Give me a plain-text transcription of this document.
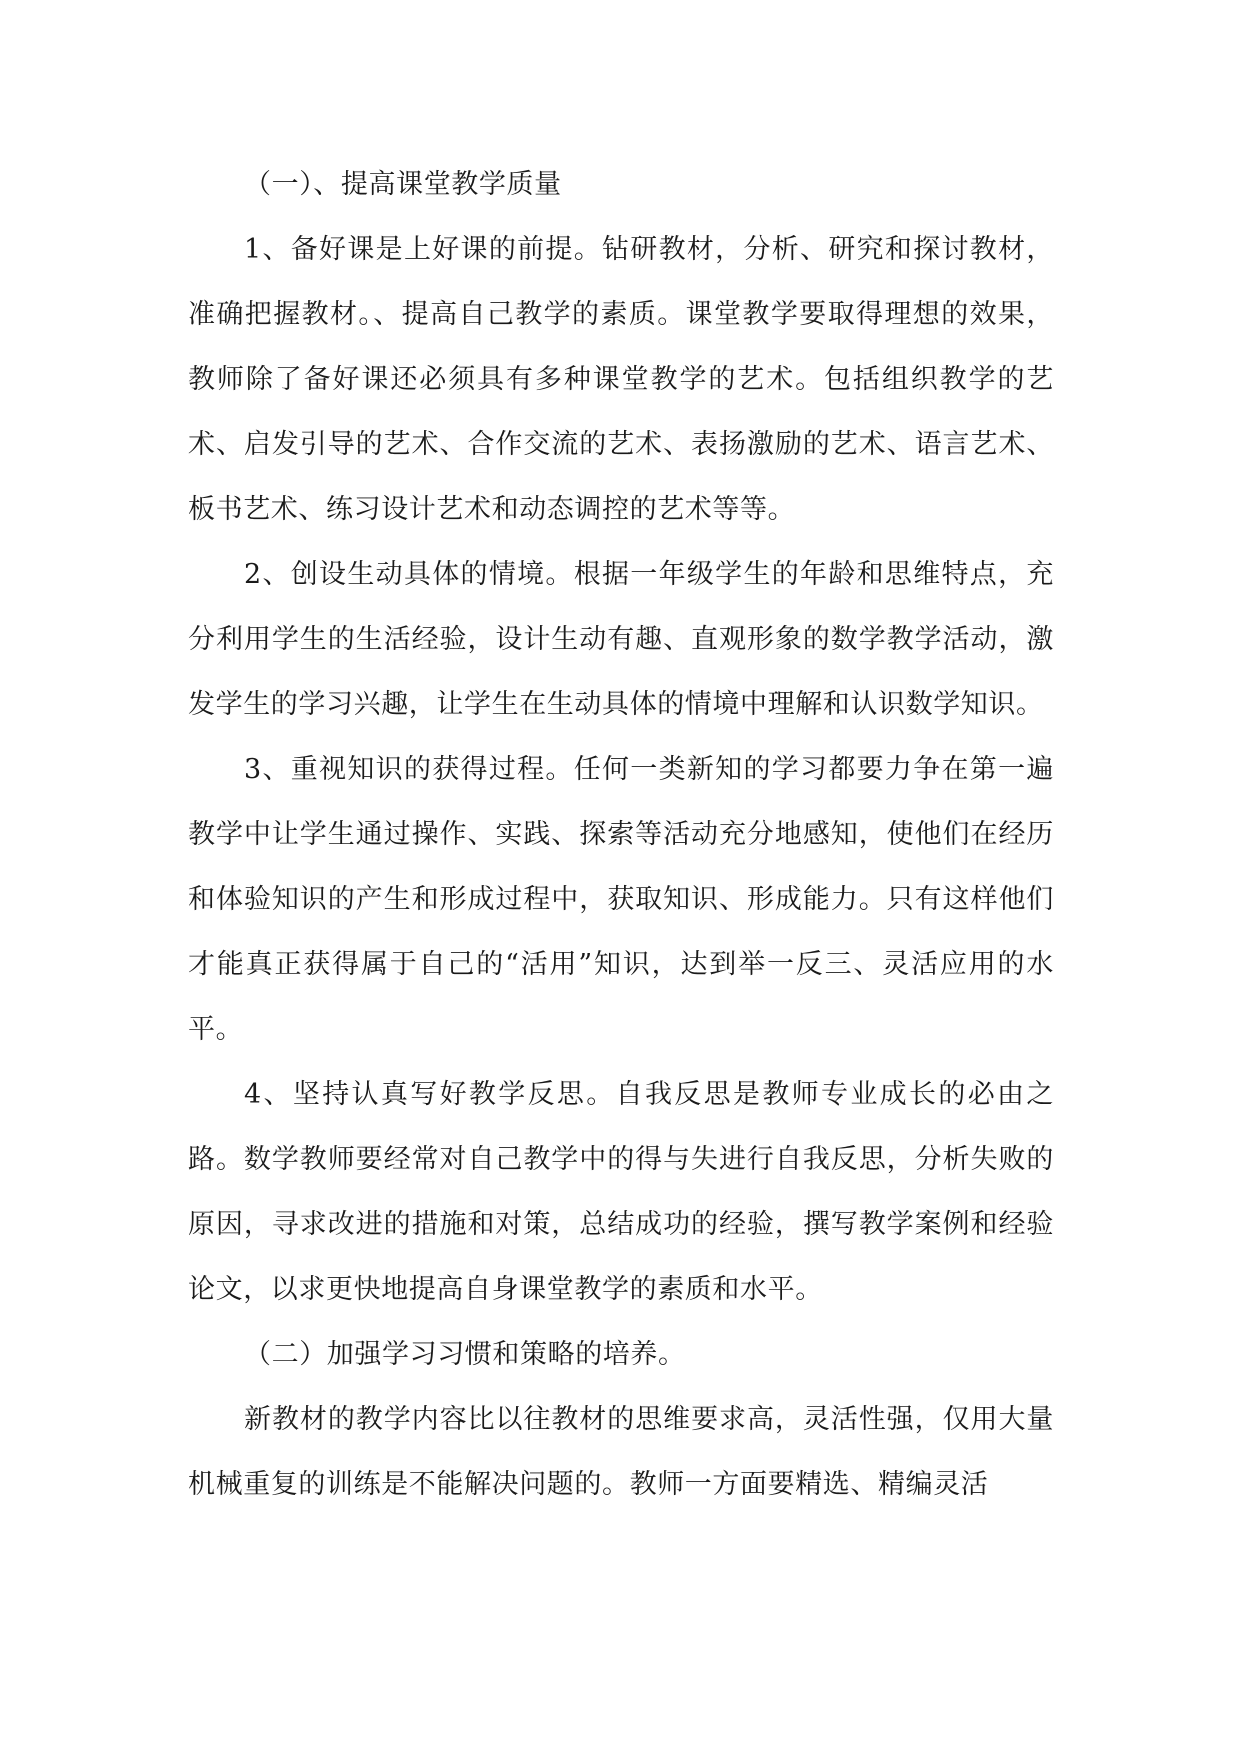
（一）、提高课堂教学质量

1、备好课是上好课的前提。钻研教材，分析、研究和探讨教材，准确把握教材。、提高自己教学的素质。课堂教学要取得理想的效果，教师除了备好课还必须具有多种课堂教学的艺术。包括组织教学的艺术、启发引导的艺术、合作交流的艺术、表扬激励的艺术、语言艺术、板书艺术、练习设计艺术和动态调控的艺术等等。

2、创设生动具体的情境。根据一年级学生的年龄和思维特点，充分利用学生的生活经验，设计生动有趣、直观形象的数学教学活动，激发学生的学习兴趣，让学生在生动具体的情境中理解和认识数学知识。

3、重视知识的获得过程。任何一类新知的学习都要力争在第一遍教学中让学生通过操作、实践、探索等活动充分地感知，使他们在经历和体验知识的产生和形成过程中，获取知识、形成能力。只有这样他们才能真正获得属于自己的“活用”知识，达到举一反三、灵活应用的水平。

4、坚持认真写好教学反思。自我反思是教师专业成长的必由之路。数学教师要经常对自己教学中的得与失进行自我反思，分析失败的原因，寻求改进的措施和对策，总结成功的经验，撰写教学案例和经验论文，以求更快地提高自身课堂教学的素质和水平。

（二）加强学习习惯和策略的培养。

新教材的教学内容比以往教材的思维要求高，灵活性强，仅用大量机械重复的训练是不能解决问题的。教师一方面要精选、精编灵活
